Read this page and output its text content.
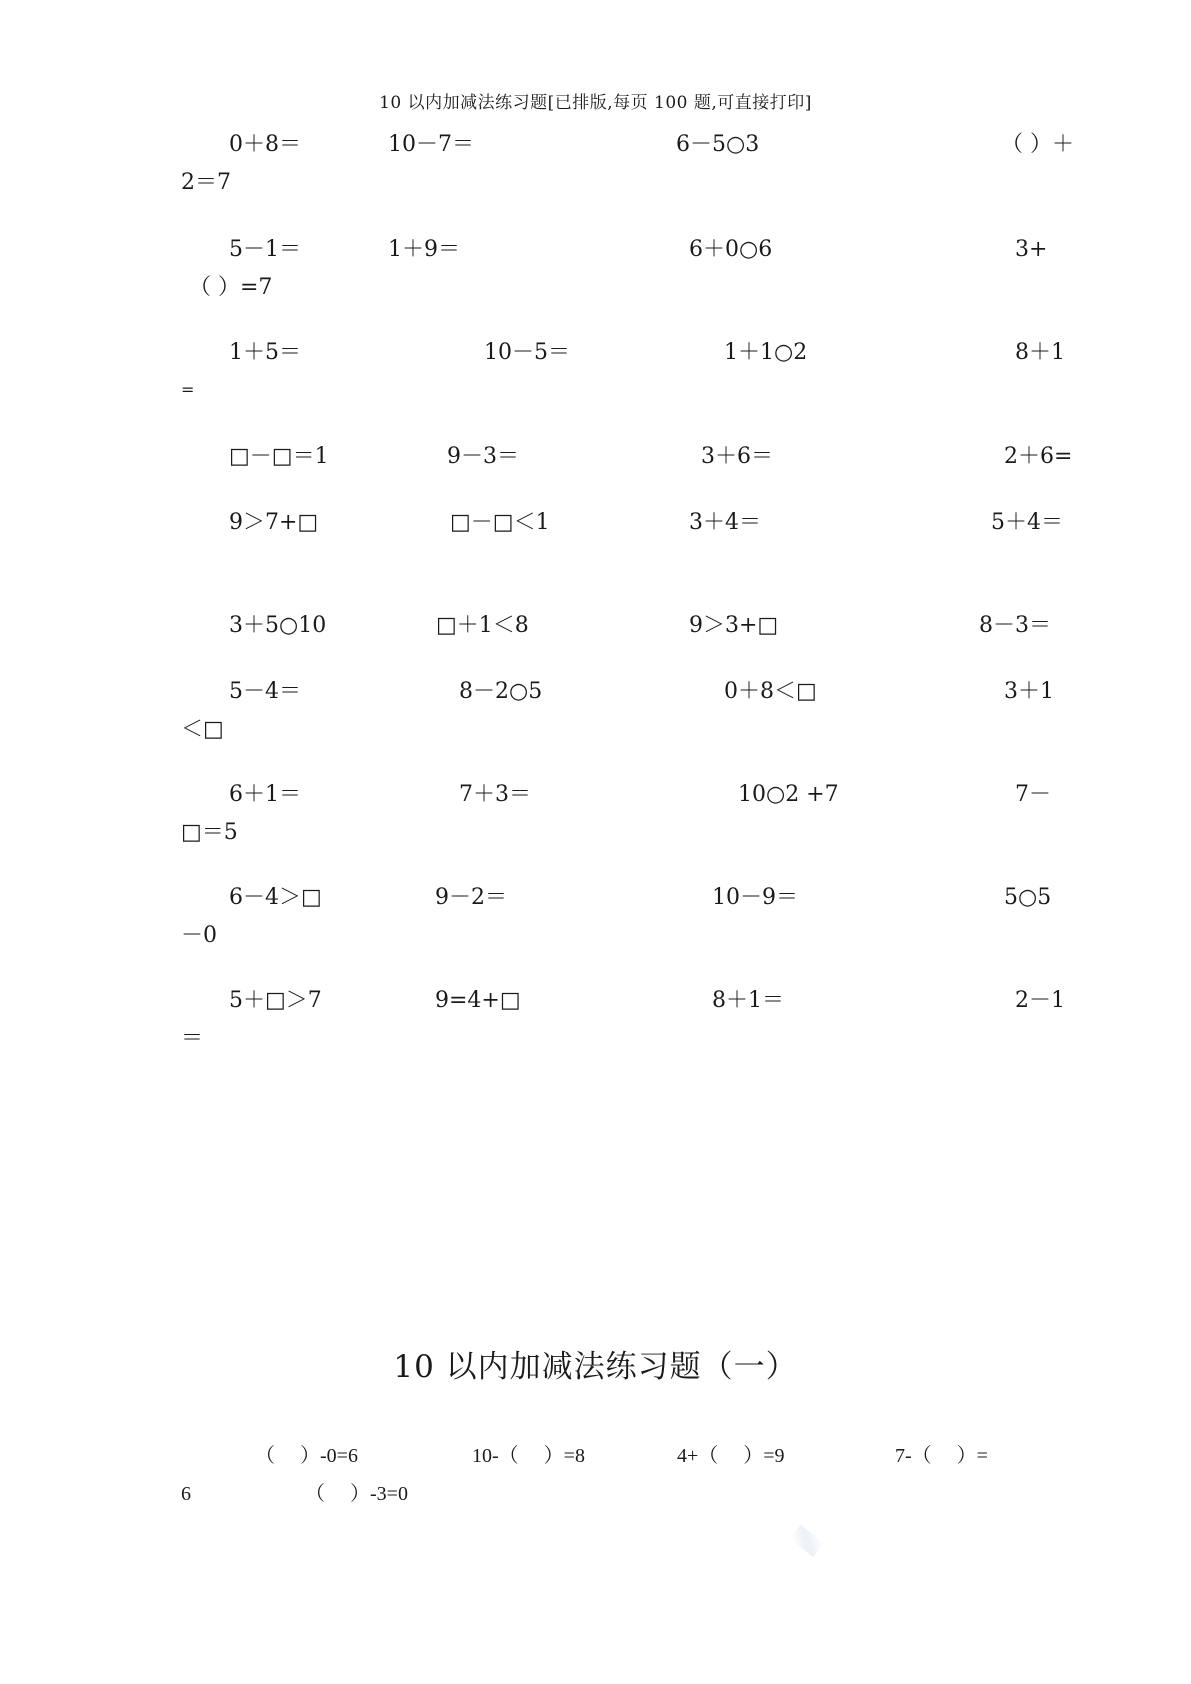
10 以内加减法练习题[已排版,每页 100 题,可直接打印]
0＋8＝	10－7＝	6－5○3	（ ）＋
2＝7
5－1＝	1＋9＝	6＋0○6	3+
（ ）=7
1＋5＝	10－5＝	1＋1○2	8＋1
=
□－□＝1	9－3＝	3＋6＝	2＋6=
9＞7+□	□－□＜1	3＋4＝	5＋4＝
3＋5○10	□＋1＜8	9＞3+□	8－3＝
5－4＝	8－2○5	0＋8＜□	3＋1
＜□
6＋1＝	7＋3＝	10○2 +7	7－
□＝5
6－4＞□	9－2＝	10－9＝	5○5
－0
5＋□＞7	9=4+□	8＋1＝	2－1
＝
10 以内加减法练习题（一）
（　 ）-0=6	10-（　 ）=8	4+（　 ）=9	7-（　 ）=
6	（　 ）-3=0
